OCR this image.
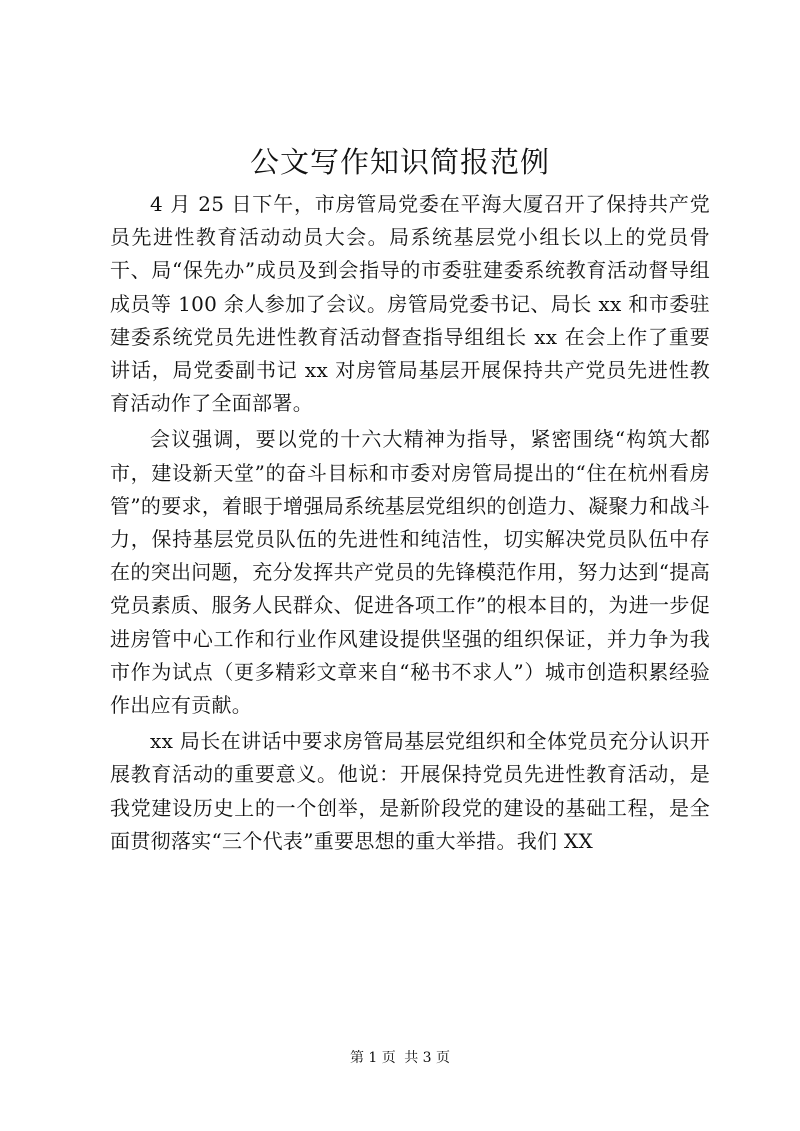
公文写作知识简报范例

4 月 25 日下午，市房管局党委在平海大厦召开了保持共产党员先进性教育活动动员大会。局系统基层党小组长以上的党员骨干、局“保先办”成员及到会指导的市委驻建委系统教育活动督导组成员等 100 余人参加了会议。房管局党委书记、局长 xx 和市委驻建委系统党员先进性教育活动督查指导组组长 xx 在会上作了重要讲话，局党委副书记 xx 对房管局基层开展保持共产党员先进性教育活动作了全面部署。

会议强调，要以党的十六大精神为指导，紧密围绕“构筑大都市，建设新天堂”的奋斗目标和市委对房管局提出的“住在杭州看房管”的要求，着眼于增强局系统基层党组织的创造力、凝聚力和战斗力，保持基层党员队伍的先进性和纯洁性，切实解决党员队伍中存在的突出问题，充分发挥共产党员的先锋模范作用，努力达到“提高党员素质、服务人民群众、促进各项工作”的根本目的，为进一步促进房管中心工作和行业作风建设提供坚强的组织保证，并力争为我市作为试点（更多精彩文章来自“秘书不求人”）城市创造积累经验作出应有贡献。

xx 局长在讲话中要求房管局基层党组织和全体党员充分认识开展教育活动的重要意义。他说：开展保持党员先进性教育活动，是我党建设历史上的一个创举，是新阶段党的建设的基础工程，是全面贯彻落实“三个代表”重要思想的重大举措。我们 XX

第 1 页 共 3 页
